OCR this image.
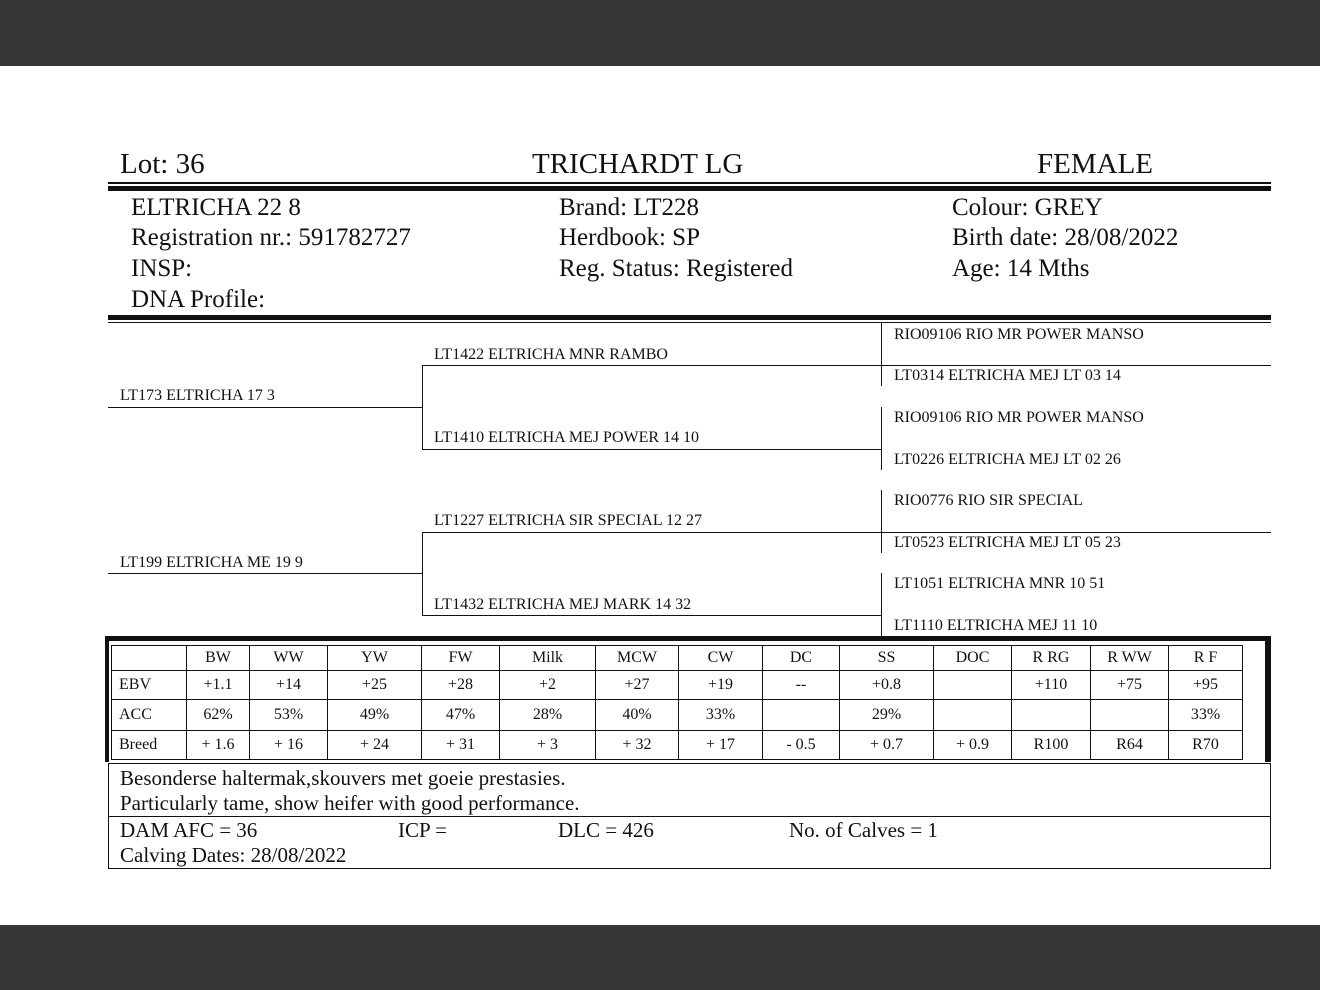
Lot: 36	TRICHARDT LG	FEMALE
ELTRICHA 22 8
Registration nr.: 591782727
INSP:
DNA Profile:
Brand: LT228
Herdbook: SP
Reg. Status: Registered
Colour: GREY
Birth date: 28/08/2022
Age: 14 Mths
LT173 ELTRICHA 17 3
LT199 ELTRICHA ME 19 9
LT1422 ELTRICHA MNR RAMBO
LT1410 ELTRICHA MEJ POWER 14 10
LT1227 ELTRICHA SIR SPECIAL 12 27
LT1432 ELTRICHA MEJ MARK 14 32
RIO09106 RIO MR POWER MANSO
LT0314 ELTRICHA MEJ LT 03 14
RIO09106 RIO MR POWER MANSO
LT0226 ELTRICHA MEJ LT 02 26
RIO0776 RIO SIR SPECIAL
LT0523 ELTRICHA MEJ LT 05 23
LT1051 ELTRICHA MNR 10 51
LT1110 ELTRICHA MEJ 11 10
	BW	WW	YW	FW	Milk	MCW	CW	DC	SS	DOC	R RG	R WW	R F
EBV	+1.1	+14	+25	+28	+2	+27	+19	--	+0.8		+110	+75	+95
ACC	62%	53%	49%	47%	28%	40%	33%		29%				33%
Breed	+ 1.6	+ 16	+ 24	+ 31	+ 3	+ 32	+ 17	- 0.5	+ 0.7	+ 0.9	R100	R64	R70
Besonderse haltermak,skouvers met goeie prestasies.
Particularly tame, show heifer with good performance.
DAM AFC = 36	ICP =	DLC = 426	No. of Calves = 1
Calving Dates: 28/08/2022
